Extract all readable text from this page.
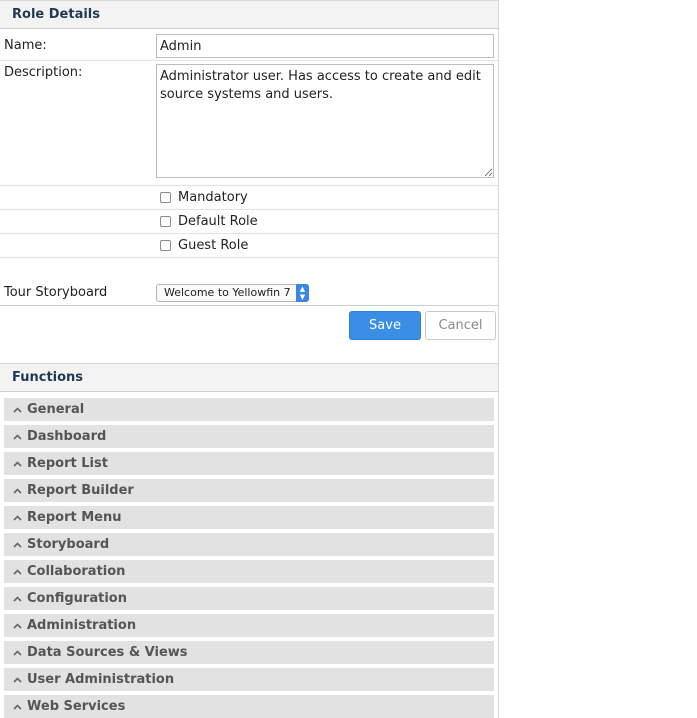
Role Details
Name:
Admin
Description:
Administrator user. Has access to create and edit source systems and users.
Mandatory
Default Role
Guest Role
Tour Storyboard	Welcome to Yellowfin 7	▲
▼
Save	Cancel
Functions
General
Dashboard
Report List
Report Builder
Report Menu
Storyboard
Collaboration
Configuration
Administration
Data Sources & Views
User Administration
Web Services
